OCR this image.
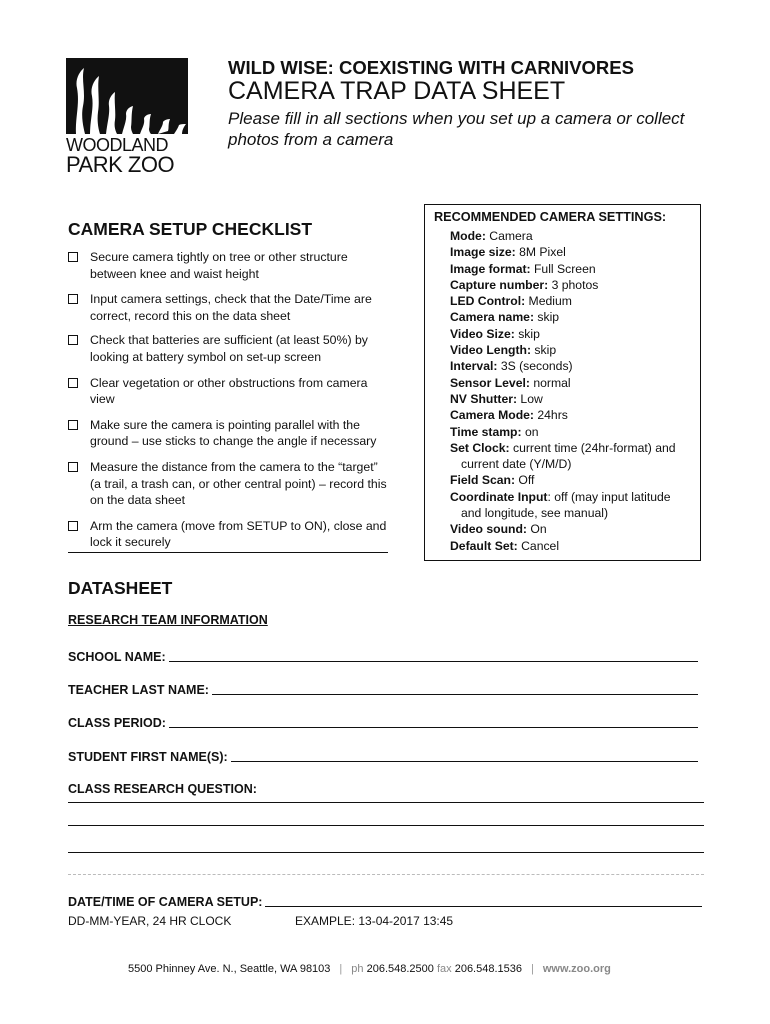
WOODLAND
PARK ZOO
WILD WISE: COEXISTING WITH CARNIVORES
CAMERA TRAP DATA SHEET
Please fill in all sections when you set up a camera or collect photos from a camera
CAMERA SETUP CHECKLIST
Secure camera tightly on tree or other structure between knee and waist height
Input camera settings, check that the Date/Time are correct, record this on the data sheet
Check that batteries are sufficient (at least 50%) by looking at battery symbol on set-up screen
Clear vegetation or other obstructions from camera view
Make sure the camera is pointing parallel with the ground – use sticks to change the angle if necessary
Measure the distance from the camera to the “target” (a trail, a trash can, or other central point) – record this on the data sheet
Arm the camera (move from SETUP to ON), close and lock it securely
RECOMMENDED CAMERA SETTINGS:
Mode: Camera
Image size: 8M Pixel
Image format: Full Screen
Capture number: 3 photos
LED Control: Medium
Camera name: skip
Video Size: skip
Video Length: skip
Interval: 3S (seconds)
Sensor Level: normal
NV Shutter: Low
Camera Mode: 24hrs
Time stamp: on
Set Clock: current time (24hr-format) and
current date (Y/M/D)
Field Scan: Off
Coordinate Input: off (may input latitude
and longitude, see manual)
Video sound: On
Default Set: Cancel
DATASHEET
RESEARCH TEAM INFORMATION
SCHOOL NAME:
TEACHER LAST NAME:
CLASS PERIOD:
STUDENT FIRST NAME(S):
CLASS RESEARCH QUESTION:
DATE/TIME OF CAMERA SETUP:
DD-MM-YEAR, 24 HR CLOCK	EXAMPLE: 13-04-2017 13:45
5500 Phinney Ave. N., Seattle, WA 98103 | ph 206.548.2500 fax 206.548.1536 | www.zoo.org
